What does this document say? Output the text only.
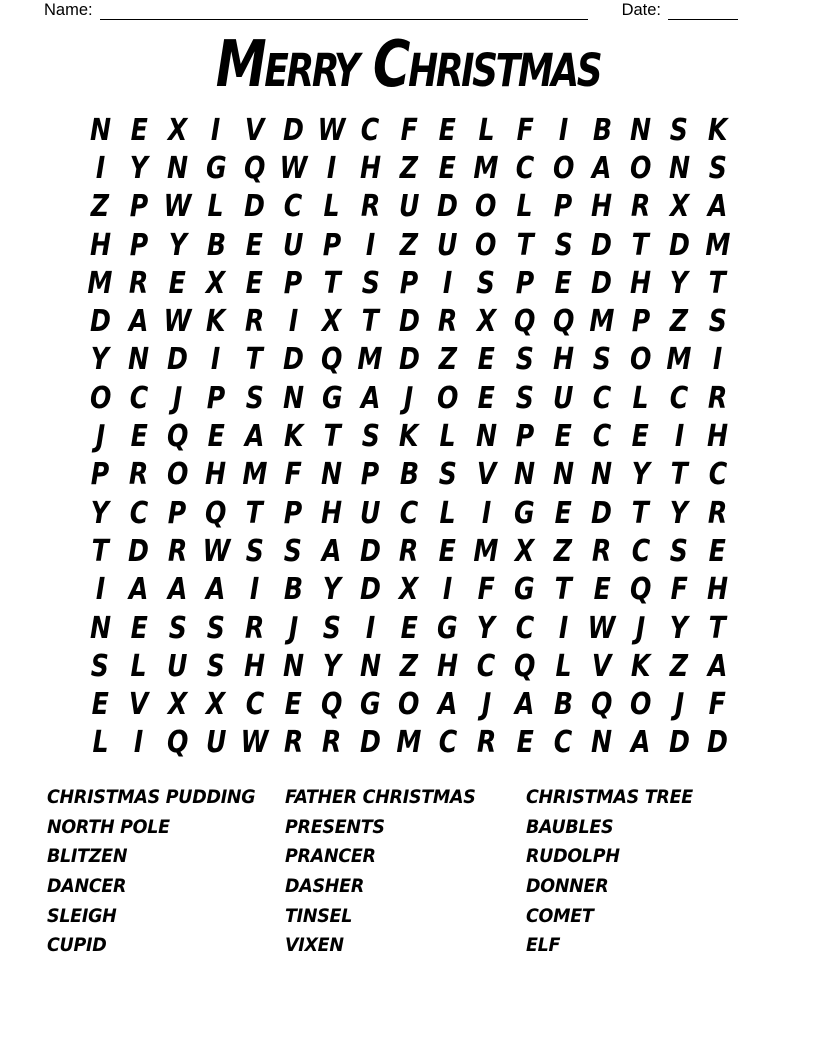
Name:	Date:
Merry Christmas
N E X I V D W C F E L F I B N S K
I Y N G Q W I H Z E M C O A O N S
Z P W L D C L R U D O L P H R X A
H P Y B E U P I Z U O T S D T D M
M R E X E P T S P I S P E D H Y T
D A W K R I X T D R X Q Q M P Z S
Y N D I T D Q M D Z E S H S O M I
O C J P S N G A J O E S U C L C R
J E Q E A K T S K L N P E C E I H
P R O H M F N P B S V N N N Y T C
Y C P Q T P H U C L I G E D T Y R
T D R W S S A D R E M X Z R C S E
I A A A I B Y D X I F G T E Q F H
N E S S R J S I E G Y C I W J Y T
S L U S H N Y N Z H C Q L V K Z A
E V X X C E Q G O A J A B Q O J F
L I Q U W R R D M C R E C N A D D
CHRISTMAS PUDDING
NORTH POLE
BLITZEN
DANCER
SLEIGH
CUPID
FATHER CHRISTMAS
PRESENTS
PRANCER
DASHER
TINSEL
VIXEN
CHRISTMAS TREE
BAUBLES
RUDOLPH
DONNER
COMET
ELF
